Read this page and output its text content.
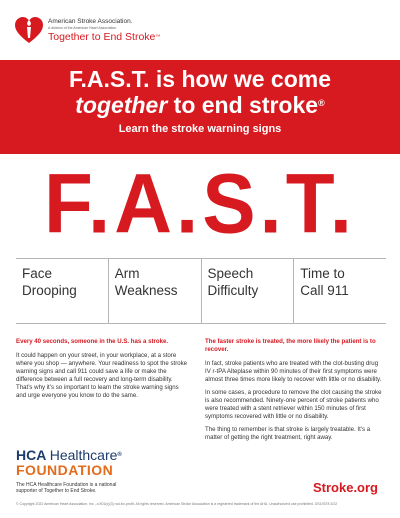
American Stroke Association.
A division of the American Heart Association
Together to End Stroke™
F.A.S.T. is how we come
together to end stroke®
Learn the stroke warning signs
F.A.S.T.
Face
Drooping
Arm
Weakness
Speech
Difficulty
Time to
Call 911
Every 40 seconds, someone in the U.S. has a stroke.

It could happen on your street, in your workplace, at a store where you shop — anywhere. Your readiness to spot the stroke warning signs and call 911 could save a life or make the difference between a full recovery and long-term disability. That’s why it’s so important to learn the stroke warning signs and urge everyone you know to do the same.

The faster stroke is treated, the more likely the patient is to recover.

In fact, stroke patients who are treated with the clot-busting drug IV r-tPA Alteplase within 90 minutes of their first symptoms were almost three times more likely to recover with little or no disability.

In some cases, a procedure to remove the clot causing the stroke is also recommended. Ninety-one percent of stroke patients who were treated with a stent retriever within 150 minutes of first symptoms recovered with little or no disability.

The thing to remember is that stroke is largely treatable. It’s a matter of getting the right treatment, right away.

HCA Healthcare®
FOUNDATION
The HCA Healthcare Foundation is a national supporter of Together to End Stroke.	Stroke.org
© Copyright 2022 American Heart Association, Inc., a 501(c)(3) not-for-profit. All rights reserved. American Stroke Association is a registered trademark of the AHA. Unauthorized use prohibited. DS19378 3/22
